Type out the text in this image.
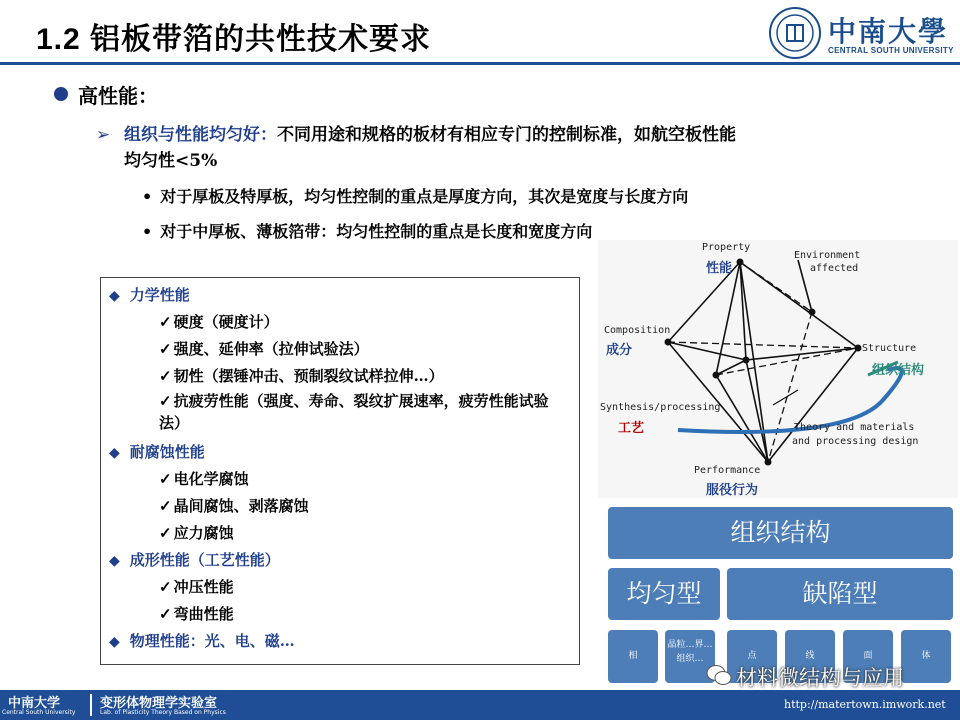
1.2 铝板带箔的共性技术要求	中南大學
CENTRAL SOUTH UNIVERSITY
高性能：
➢ 组织与性能均匀好：不同用途和规格的板材有相应专门的控制标准，如航空板性能
均匀性<5%
• 对于厚板及特厚板，均匀性控制的重点是厚度方向，其次是宽度与长度方向
• 对于中厚板、薄板箔带：均匀性控制的重点是长度和宽度方向
◆ 力学性能
✓ 硬度（硬度计）
✓ 强度、延伸率（拉伸试验法）
✓ 韧性（摆锤冲击、预制裂纹试样拉伸…）
✓ 抗疲劳性能（强度、寿命、裂纹扩展速率，疲劳性能试验法）
◆ 耐腐蚀性能
✓ 电化学腐蚀
✓ 晶间腐蚀、剥落腐蚀
✓ 应力腐蚀
◆ 成形性能（工艺性能）
✓ 冲压性能
✓ 弯曲性能
◆ 物理性能：光、电、磁…
Property
Environment
affected
Composition
Structure
Synthesis/processing
Theory and materials
and processing design
Performance
性能
成分
组织结构
工艺
服役行为
组织结构
均匀型	缺陷型
相
晶粒…界…组织…	点	线	面	体
材料微结构与应用
中南大学
Central South University
变形体物理学实验室
Lab. of Plasticity Theory Based on Physics
http://matertown.imwork.net
